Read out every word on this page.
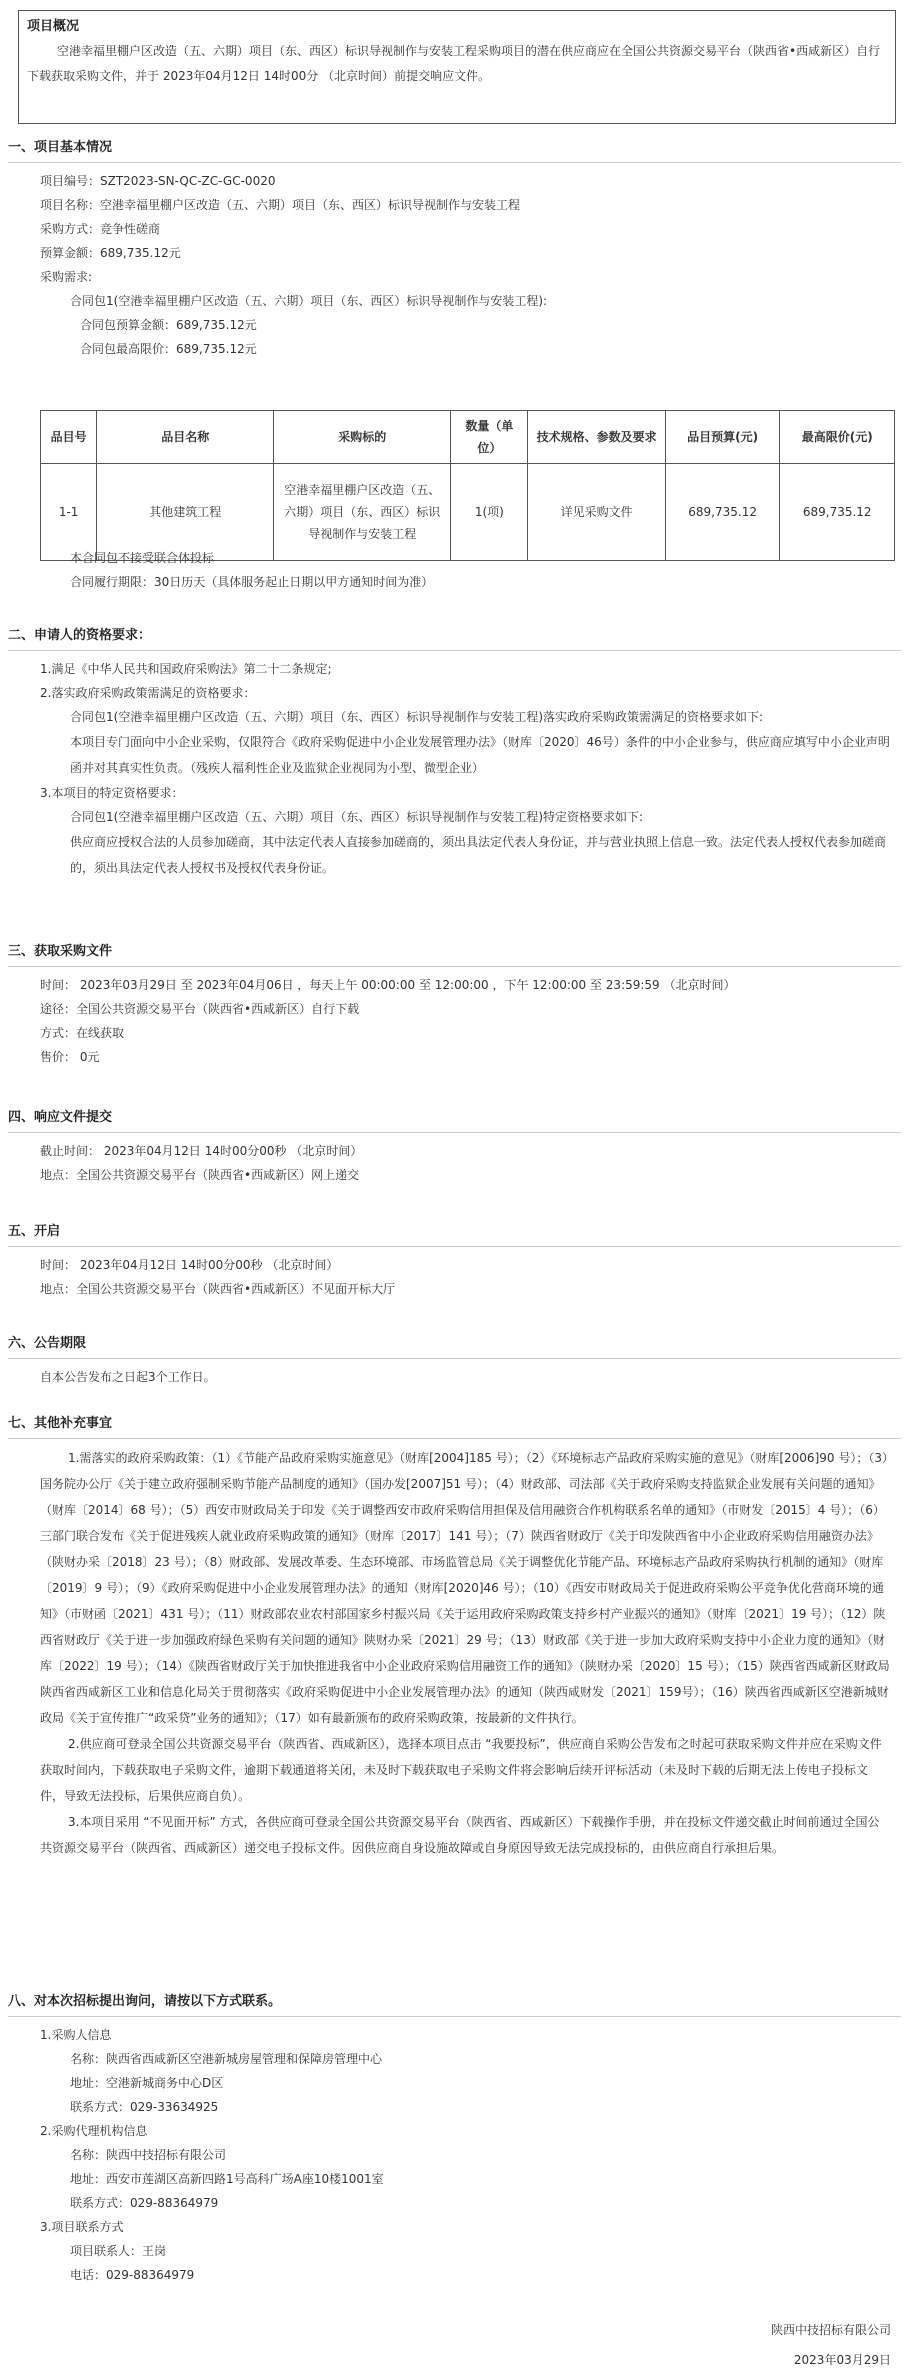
项目概况
空港幸福里棚户区改造（五、六期）项目（东、西区）标识导视制作与安装工程采购项目的潜在供应商应在全国公共资源交易平台（陕西省•西咸新区）自行下载获取采购文件，并于 2023年04月12日 14时00分 （北京时间）前提交响应文件。
一、项目基本情况
项目编号：SZT2023-SN-QC-ZC-GC-0020
项目名称：空港幸福里棚户区改造（五、六期）项目（东、西区）标识导视制作与安装工程
采购方式：竞争性磋商
预算金额：689,735.12元
采购需求:
合同包1(空港幸福里棚户区改造（五、六期）项目（东、西区）标识导视制作与安装工程):
合同包预算金额：689,735.12元
合同包最高限价：689,735.12元
品目号	品目名称	采购标的	数量（单位）	技术规格、参数及要求	品目预算(元)	最高限价(元)
1-1	其他建筑工程	空港幸福里棚户区改造（五、六期）项目（东、西区）标识导视制作与安装工程	1(项)	详见采购文件	689,735.12	689,735.12
本合同包不接受联合体投标
合同履行期限：30日历天（具体服务起止日期以甲方通知时间为准）
二、申请人的资格要求：
1.满足《中华人民共和国政府采购法》第二十二条规定;
2.落实政府采购政策需满足的资格要求：
合同包1(空港幸福里棚户区改造（五、六期）项目（东、西区）标识导视制作与安装工程)落实政府采购政策需满足的资格要求如下:
本项目专门面向中小企业采购，仅限符合《政府采购促进中小企业发展管理办法》（财库〔2020〕46号）条件的中小企业参与，供应商应填写中小企业声明函并对其真实性负责。（残疾人福利性企业及监狱企业视同为小型、微型企业）
3.本项目的特定资格要求：
合同包1(空港幸福里棚户区改造（五、六期）项目（东、西区）标识导视制作与安装工程)特定资格要求如下:
供应商应授权合法的人员参加磋商，其中法定代表人直接参加磋商的，须出具法定代表人身份证，并与营业执照上信息一致。法定代表人授权代表参加磋商的，须出具法定代表人授权书及授权代表身份证。
三、获取采购文件
时间： 2023年03月29日 至 2023年04月06日 ，每天上午 00:00:00 至 12:00:00 ，下午 12:00:00 至 23:59:59 （北京时间）
途径：全国公共资源交易平台（陕西省•西咸新区）自行下载
方式：在线获取
售价： 0元
四、响应文件提交
截止时间： 2023年04月12日 14时00分00秒 （北京时间）
地点：全国公共资源交易平台（陕西省•西咸新区）网上递交
五、开启
时间： 2023年04月12日 14时00分00秒 （北京时间）
地点：全国公共资源交易平台（陕西省•西咸新区）不见面开标大厅
六、公告期限
自本公告发布之日起3个工作日。
七、其他补充事宜
1.需落实的政府采购政策：（1）《节能产品政府采购实施意见》（财库[2004]185 号）；（2）《环境标志产品政府采购实施的意见》（财库[2006]90 号）；（3）国务院办公厅《关于建立政府强制采购节能产品制度的通知》（国办发[2007]51 号）；（4）财政部、司法部《关于政府采购支持监狱企业发展有关问题的通知》（财库〔2014〕68 号）；（5）西安市财政局关于印发《关于调整西安市政府采购信用担保及信用融资合作机构联系名单的通知》（市财发〔2015〕4 号）；（6）三部门联合发布《关于促进残疾人就业政府采购政策的通知》（财库〔2017〕141 号）；（7）陕西省财政厅《关于印发陕西省中小企业政府采购信用融资办法》（陕财办采〔2018〕23 号）；（8）财政部、发展改革委、生态环境部、市场监管总局《关于调整优化节能产品、环境标志产品政府采购执行机制的通知》（财库〔2019〕9 号）；（9）《政府采购促进中小企业发展管理办法》的通知（财库[2020]46 号）；（10）《西安市财政局关于促进政府采购公平竞争优化营商环境的通知》（市财函〔2021〕431 号）；（11）财政部农业农村部国家乡村振兴局《关于运用政府采购政策支持乡村产业振兴的通知》（财库〔2021〕19 号）；（12）陕西省财政厅《关于进一步加强政府绿色采购有关问题的通知》陕财办采〔2021〕29 号；（13）财政部《关于进一步加大政府采购支持中小企业力度的通知》（财库〔2022〕19 号）；（14）《陕西省财政厅关于加快推进我省中小企业政府采购信用融资工作的通知》（陕财办采〔2020〕15 号）；（15）陕西省西咸新区财政局陕西省西咸新区工业和信息化局关于贯彻落实《政府采购促进中小企业发展管理办法》的通知（陕西咸财发〔2021〕159号）；（16）陕西省西咸新区空港新城财政局《关于宣传推广“政采贷”业务的通知》；（17）如有最新颁布的政府采购政策，按最新的文件执行。
2.供应商可登录全国公共资源交易平台（陕西省、西咸新区），选择本项目点击 “我要投标”，供应商自采购公告发布之时起可获取采购文件并应在采购文件获取时间内，下载获取电子采购文件，逾期下载通道将关闭，未及时下载获取电子采购文件将会影响后续开评标活动（未及时下载的后期无法上传电子投标文件，导致无法投标，后果供应商自负）。
3.本项目采用 “不见面开标” 方式，各供应商可登录全国公共资源交易平台（陕西省、西咸新区）下载操作手册，并在投标文件递交截止时间前通过全国公共资源交易平台（陕西省、西咸新区）递交电子投标文件。因供应商自身设施故障或自身原因导致无法完成投标的，由供应商自行承担后果。
八、对本次招标提出询问，请按以下方式联系。
1.采购人信息
名称：陕西省西咸新区空港新城房屋管理和保障房管理中心
地址：空港新城商务中心D区
联系方式：029-33634925
2.采购代理机构信息
名称：陕西中技招标有限公司
地址：西安市莲湖区高新四路1号高科广场A座10楼1001室
联系方式：029-88364979
3.项目联系方式
项目联系人：王岗
电话：029-88364979
陕西中技招标有限公司
2023年03月29日
